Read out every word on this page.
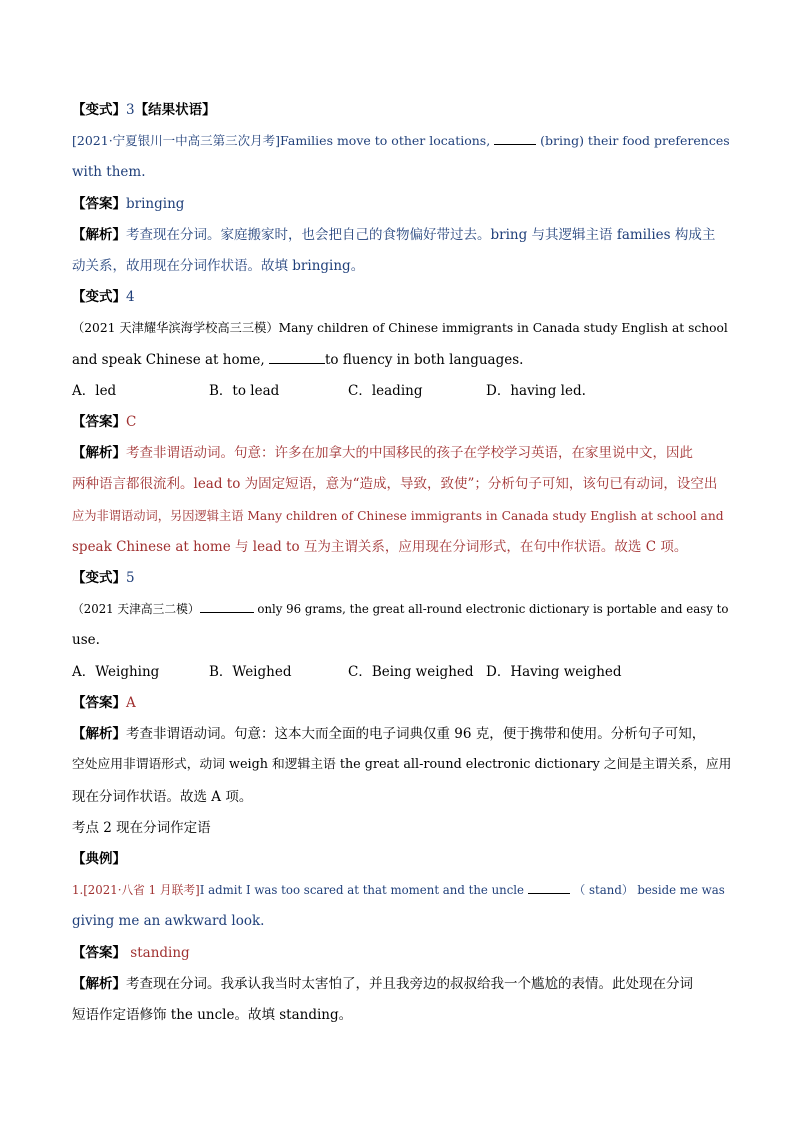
【变式】3【结果状语】
[2021·宁夏银川一中高三第三次月考]Families move to other locations,	(bring) their food preferences
with them.
【答案】bringing
【解析】考查现在分词。家庭搬家时，也会把自己的食物偏好带过去。bring 与其逻辑主语 families 构成主
动关系，故用现在分词作状语。故填 bringing。
【变式】4
（2021 天津耀华滨海学校高三三模）Many children of Chinese immigrants in Canada study English at school
and speak Chinese at home,	to fluency in both languages.
A．led	B．to lead	C．leading	D．having led.
【答案】C
【解析】考查非谓语动词。句意：许多在加拿大的中国移民的孩子在学校学习英语，在家里说中文，因此
两种语言都很流利。lead to 为固定短语，意为“造成，导致，致使”；分析句子可知，该句已有动词，设空出
应为非谓语动词，另因逻辑主语 Many children of Chinese immigrants in Canada study English at school and
speak Chinese at home 与 lead to 互为主谓关系，应用现在分词形式，在句中作状语。故选 C 项。
【变式】5
（2021 天津高三二模）	only 96 grams, the great all-round electronic dictionary is portable and easy to
use.
A．Weighing	B．Weighed	C．Being weighed D．Having weighed
【答案】A
【解析】考查非谓语动词。句意：这本大而全面的电子词典仅重 96 克，便于携带和使用。分析句子可知，
空处应用非谓语形式，动词 weigh 和逻辑主语 the great all-round electronic dictionary 之间是主谓关系，应用
现在分词作状语。故选 A 项。
考点 2 现在分词作定语
【典例】
1.[2021·八省 1 月联考]I admit I was too scared at that moment and the uncle	（ stand） beside me was
giving me an awkward look.
【答案】 standing
【解析】考查现在分词。我承认我当时太害怕了，并且我旁边的叔叔给我一个尴尬的表情。此处现在分词
短语作定语修饰 the uncle。故填 standing。
